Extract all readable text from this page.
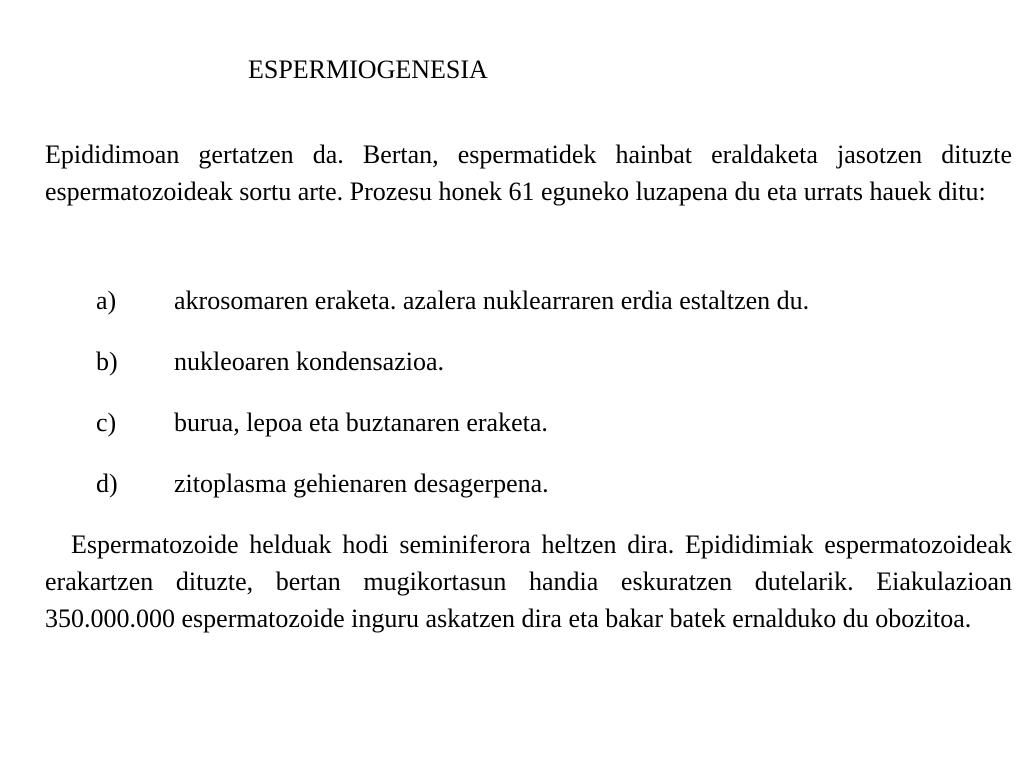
ESPERMIOGENESIA

Epididimoan gertatzen da. Bertan, espermatidek hainbat eraldaketa jasotzen dituzte espermatozoideak sortu arte. Prozesu honek 61 eguneko luzapena du eta urrats hauek ditu:

a)	akrosomaren eraketa. azalera nuklearraren erdia estaltzen du.
b)	nukleoaren kondensazioa.
c)	burua, lepoa eta buztanaren eraketa.
d)	zitoplasma gehienaren desagerpena.

Espermatozoide helduak hodi seminiferora heltzen dira. Epididimiak espermatozoideak erakartzen dituzte, bertan mugikortasun handia eskuratzen dutelarik. Eiakulazioan 350.000.000 espermatozoide inguru askatzen dira eta bakar batek ernalduko du obozitoa.
